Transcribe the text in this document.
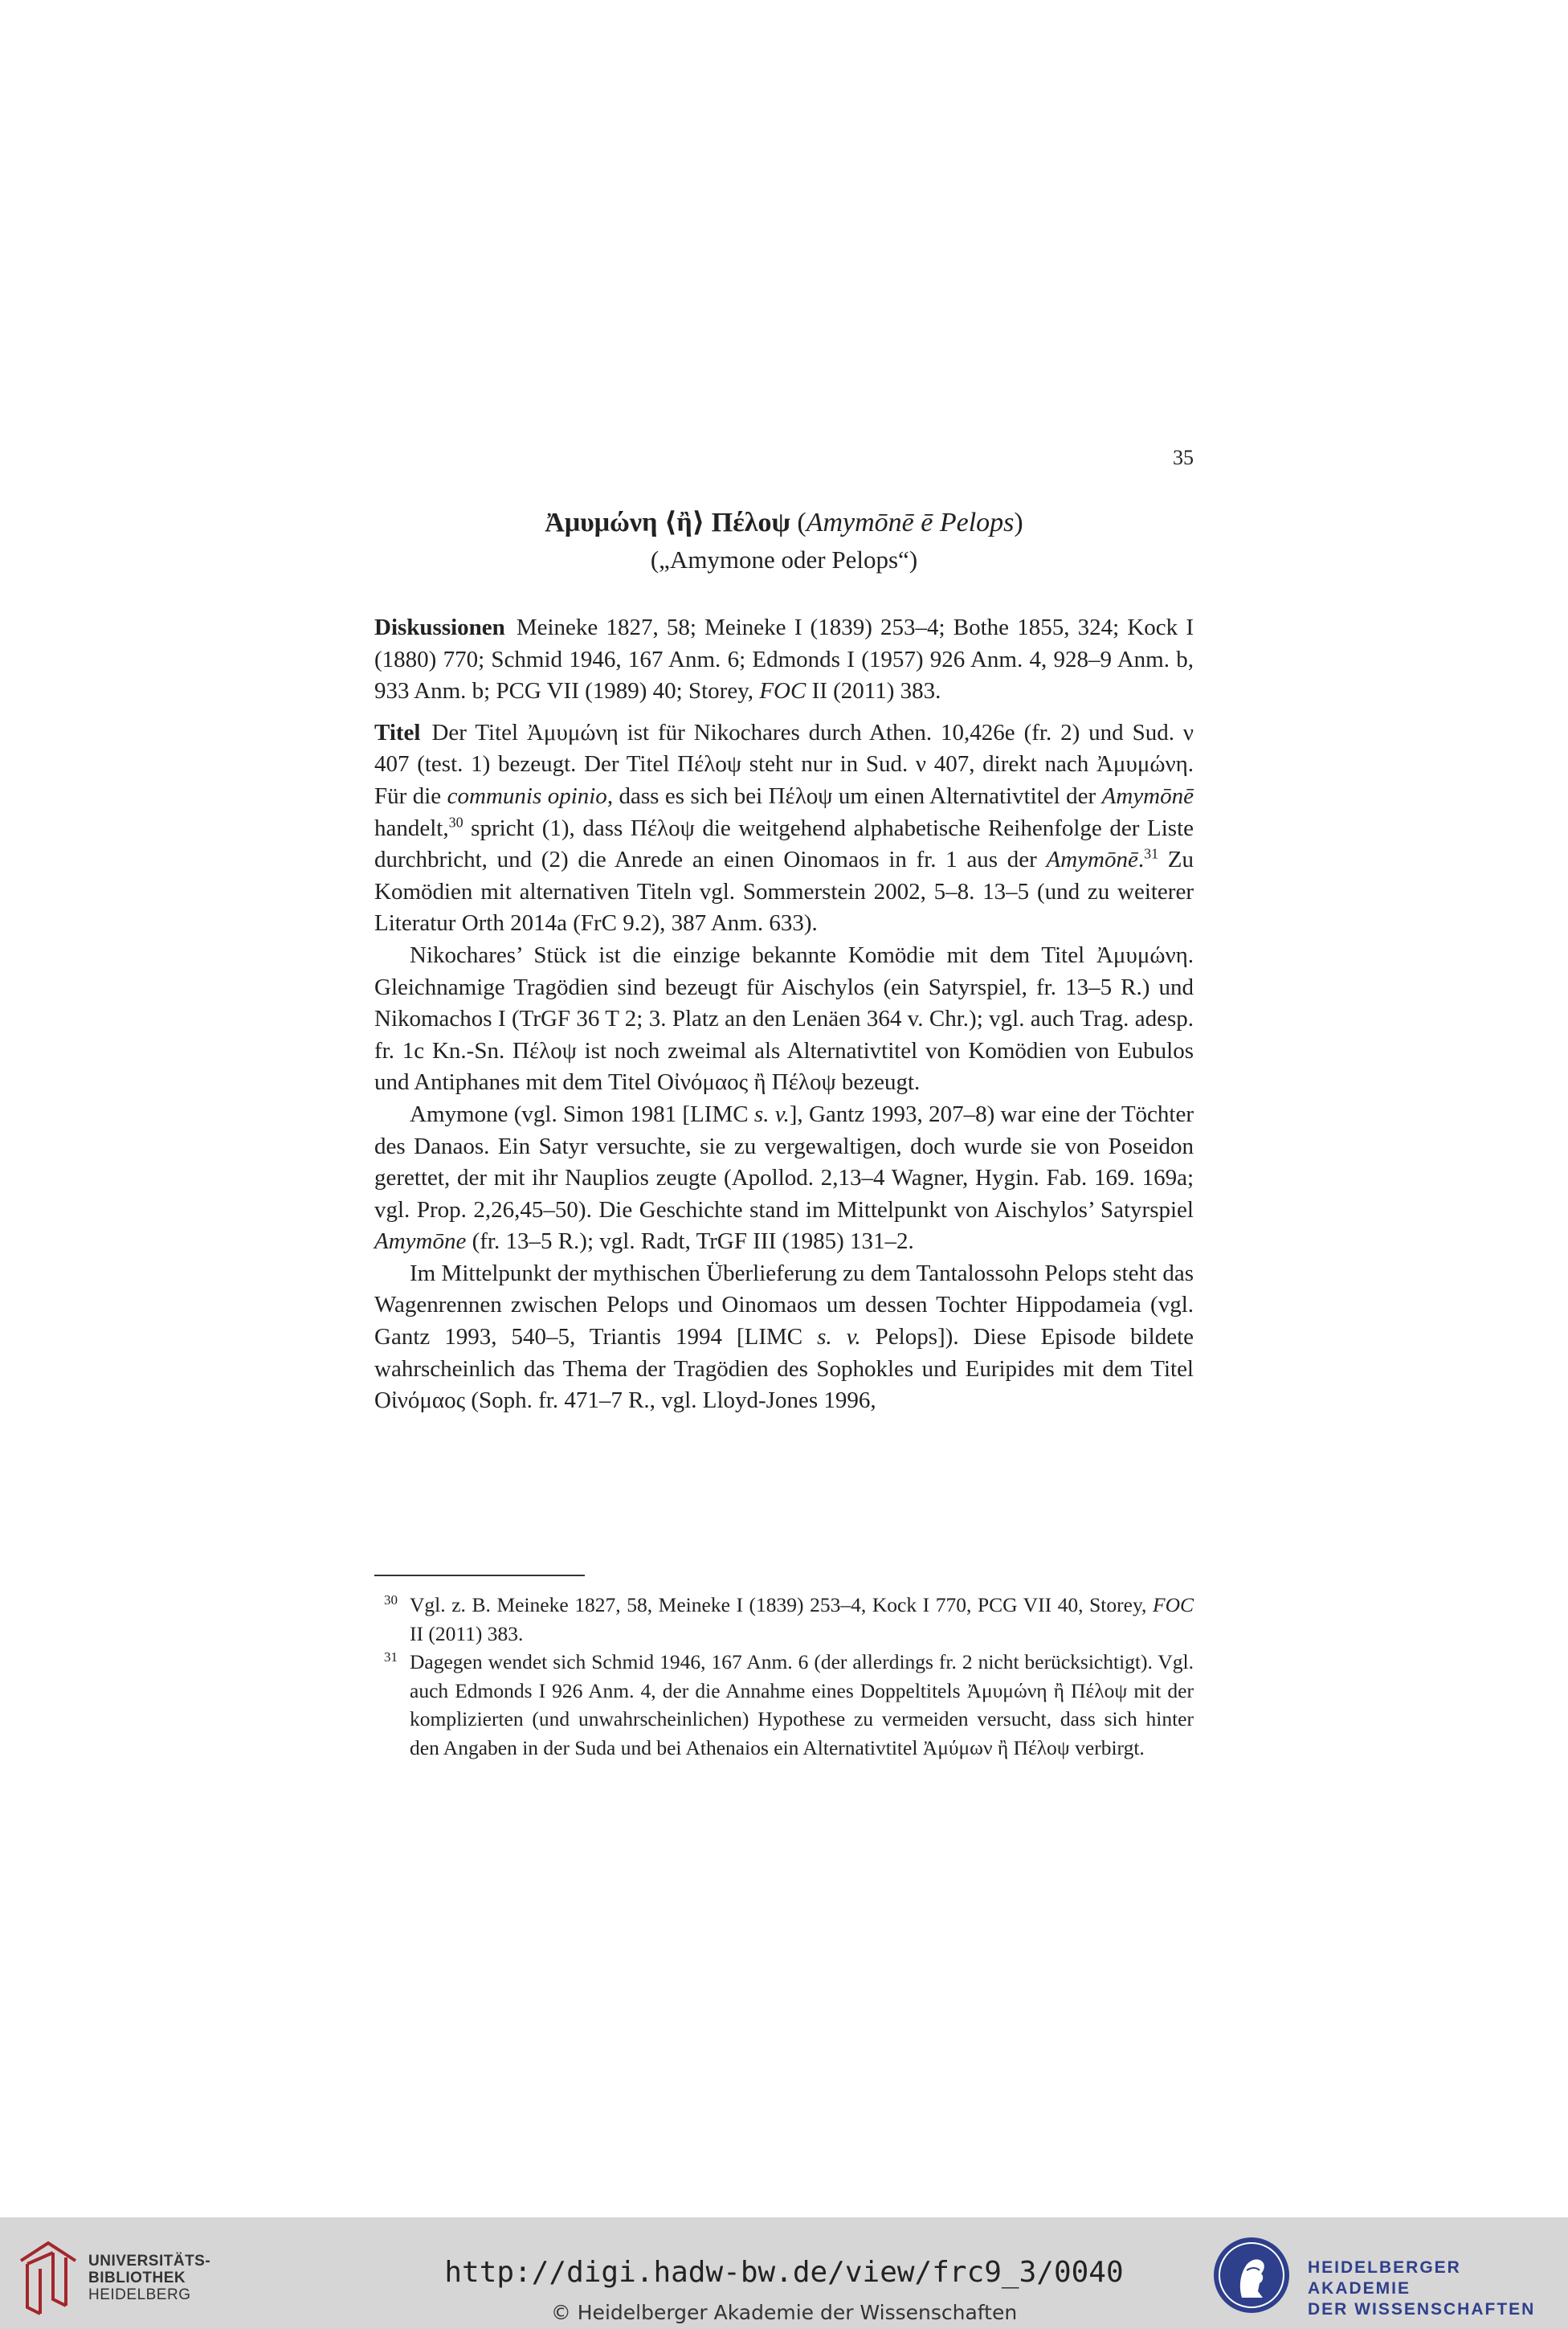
35
Ἀμυμώνη ⟨ἢ⟩ Πέλοψ (Amymōnē ē Pelops)
(„Amymone oder Pelops“)

Diskussionen Meineke 1827, 58; Meineke I (1839) 253–4; Bothe 1855, 324; Kock I (1880) 770; Schmid 1946, 167 Anm. 6; Edmonds I (1957) 926 Anm. 4, 928–9 Anm. b, 933 Anm. b; PCG VII (1989) 40; Storey, FOC II (2011) 383.

Titel Der Titel Ἀμυμώνη ist für Nikochares durch Athen. 10,426e (fr. 2) und Sud. ν 407 (test. 1) bezeugt. Der Titel Πέλοψ steht nur in Sud. ν 407, direkt nach Ἀμυμώνη. Für die communis opinio, dass es sich bei Πέλοψ um einen Alternativtitel der Amymōnē handelt,$^{30}$ spricht (1), dass Πέλοψ die weitgehend alphabetische Reihenfolge der Liste durchbricht, und (2) die Anrede an einen Oinomaos in fr. 1 aus der Amymōnē.$^{31}$ Zu Komödien mit alternativen Titeln vgl. Sommerstein 2002, 5–8. 13–5 (und zu weiterer Literatur Orth 2014a (FrC 9.2), 387 Anm. 633).

Nikochares’ Stück ist die einzige bekannte Komödie mit dem Titel Ἀμυμώνη. Gleichnamige Tragödien sind bezeugt für Aischylos (ein Satyrspiel, fr. 13–5 R.) und Nikomachos I (TrGF 36 T 2; 3. Platz an den Lenäen 364 v. Chr.); vgl. auch Trag. adesp. fr. 1c Kn.-Sn. Πέλοψ ist noch zweimal als Alternativtitel von Komödien von Eubulos und Antiphanes mit dem Titel Οἰνόμαος ἢ Πέλοψ bezeugt.

Amymone (vgl. Simon 1981 [LIMC s. v.], Gantz 1993, 207–8) war eine der Töchter des Danaos. Ein Satyr versuchte, sie zu vergewaltigen, doch wurde sie von Poseidon gerettet, der mit ihr Nauplios zeugte (Apollod. 2,13–4 Wagner, Hygin. Fab. 169. 169a; vgl. Prop. 2,26,45–50). Die Geschichte stand im Mittelpunkt von Aischylos’ Satyrspiel Amymōne (fr. 13–5 R.); vgl. Radt, TrGF III (1985) 131–2.

Im Mittelpunkt der mythischen Überlieferung zu dem Tantalossohn Pelops steht das Wagenrennen zwischen Pelops und Oinomaos um dessen Tochter Hippodameia (vgl. Gantz 1993, 540–5, Triantis 1994 [LIMC s. v. Pelops]). Diese Episode bildete wahrscheinlich das Thema der Tragödien des Sophokles und Euripides mit dem Titel Οἰνόμαος (Soph. fr. 471–7 R., vgl. Lloyd-Jones 1996,

30 Vgl. z. B. Meineke 1827, 58, Meineke I (1839) 253–4, Kock I 770, PCG VII 40, Storey, FOC II (2011) 383.
31 Dagegen wendet sich Schmid 1946, 167 Anm. 6 (der allerdings fr. 2 nicht berücksichtigt). Vgl. auch Edmonds I 926 Anm. 4, der die Annahme eines Doppeltitels Ἀμυμώνη ἢ Πέλοψ mit der komplizierten (und unwahrscheinlichen) Hypothese zu vermeiden versucht, dass sich hinter den Angaben in der Suda und bei Athenaios ein Alternativtitel Ἀμύμων ἢ Πέλοψ verbirgt.
UNIVERSITÄTS-
BIBLIOTHEK
HEIDELBERG
http://digi.hadw-bw.de/view/frc9_3/0040
© Heidelberger Akademie der Wissenschaften
HEIDELBERGER AKADEMIE
DER WISSENSCHAFTEN
